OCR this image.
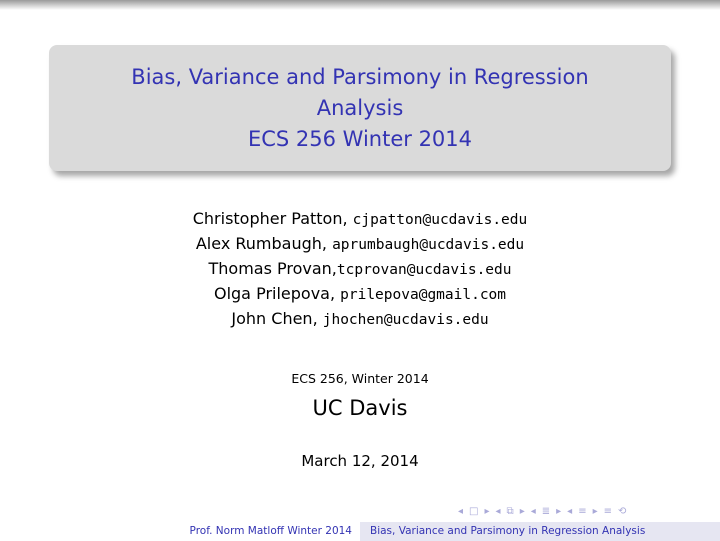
Bias, Variance and Parsimony in Regression
Analysis
ECS 256 Winter 2014
Christopher Patton, cjpatton@ucdavis.edu
Alex Rumbaugh, aprumbaugh@ucdavis.edu
Thomas Provan,tcprovan@ucdavis.edu
Olga Prilepova, prilepova@gmail.com
John Chen, jhochen@ucdavis.edu
ECS 256, Winter 2014
UC Davis
March 12, 2014
◂ □ ▸ ◂ ⧉ ▸ ◂ ≣ ▸ ◂ ≡ ▸ ≡ ⟲
Prof. Norm Matloff Winter 2014	Bias, Variance and Parsimony in Regression Analysis
